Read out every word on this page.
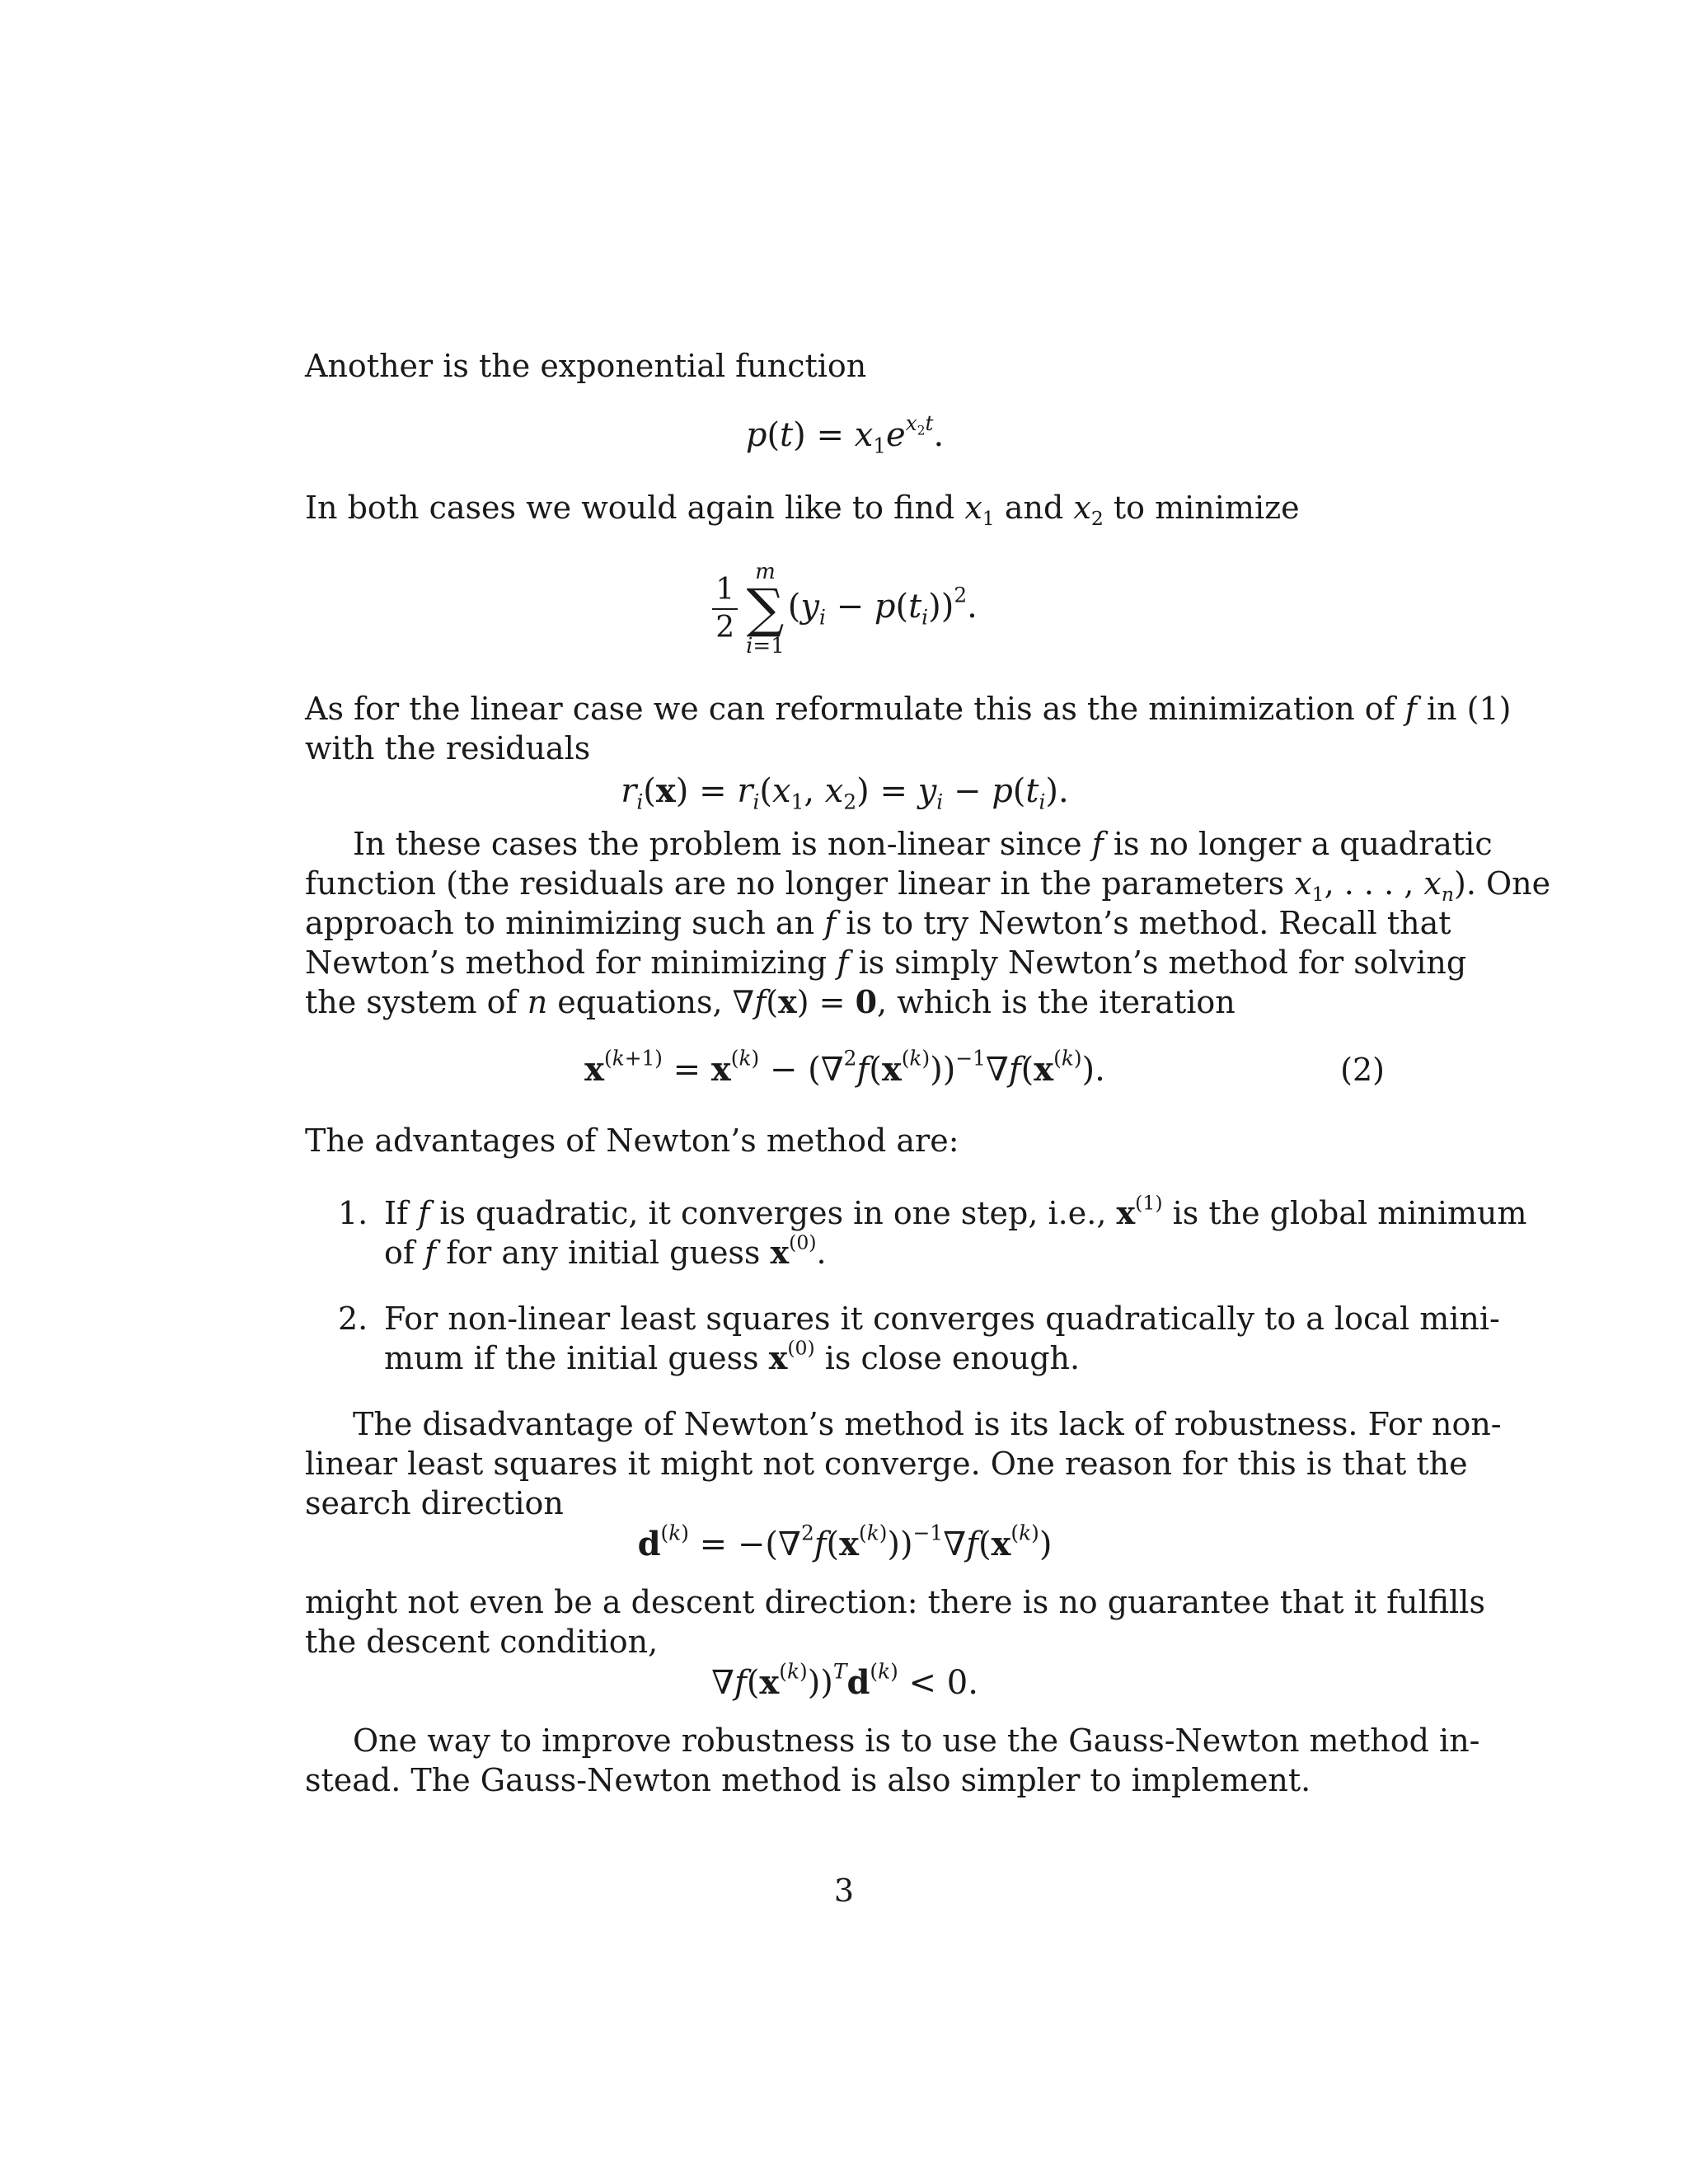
Another is the exponential function
$p(t) = x_1e^{x_2t}$.
In both cases we would again like to find $x_1$ and $x_2$ to minimize
$\frac{1}{2}$ m
∑
i=1
$(y_i - p(t_i))^2$.
As for the linear case we can reformulate this as the minimization of f in (1)
with the residuals
$r_i(x) = r_i(x_1$, $x_2) = y_i - p(t_i)$.
In these cases the problem is non-linear since f is no longer a quadratic
function (the residuals are no longer linear in the parameters $x_1$, . . . , $x_n$). One
approach to minimizing such an f is to try Newton’s method. Recall that
Newton’s method for minimizing f is simply Newton’s method for solving
the system of n equations, ∇f(x) = 0, which is the iteration
$x^{(k+1)} = x^{(k)} - (\nabla^2f(x^{(k)}))^{-1}\nabla f(x^{(k)})$.	(2)
The advantages of Newton’s method are:
1. If f is quadratic, it converges in one step, i.e., $x^{(1)}$ is the global minimum
of f for any initial guess $x^{(0)}$.
2. For non-linear least squares it converges quadratically to a local mini-
mum if the initial guess $x^{(0)}$ is close enough.
The disadvantage of Newton’s method is its lack of robustness. For non-
linear least squares it might not converge. One reason for this is that the
search direction
$d^{(k)} = -(\nabla^2f(x^{(k)}))^{-1}\nabla f(x^{(k)})$
might not even be a descent direction: there is no guarantee that it fulfills
the descent condition,
$\nabla f(x^{(k)}))^Td^{(k)} < 0$.
One way to improve robustness is to use the Gauss-Newton method in-
stead. The Gauss-Newton method is also simpler to implement.
3
